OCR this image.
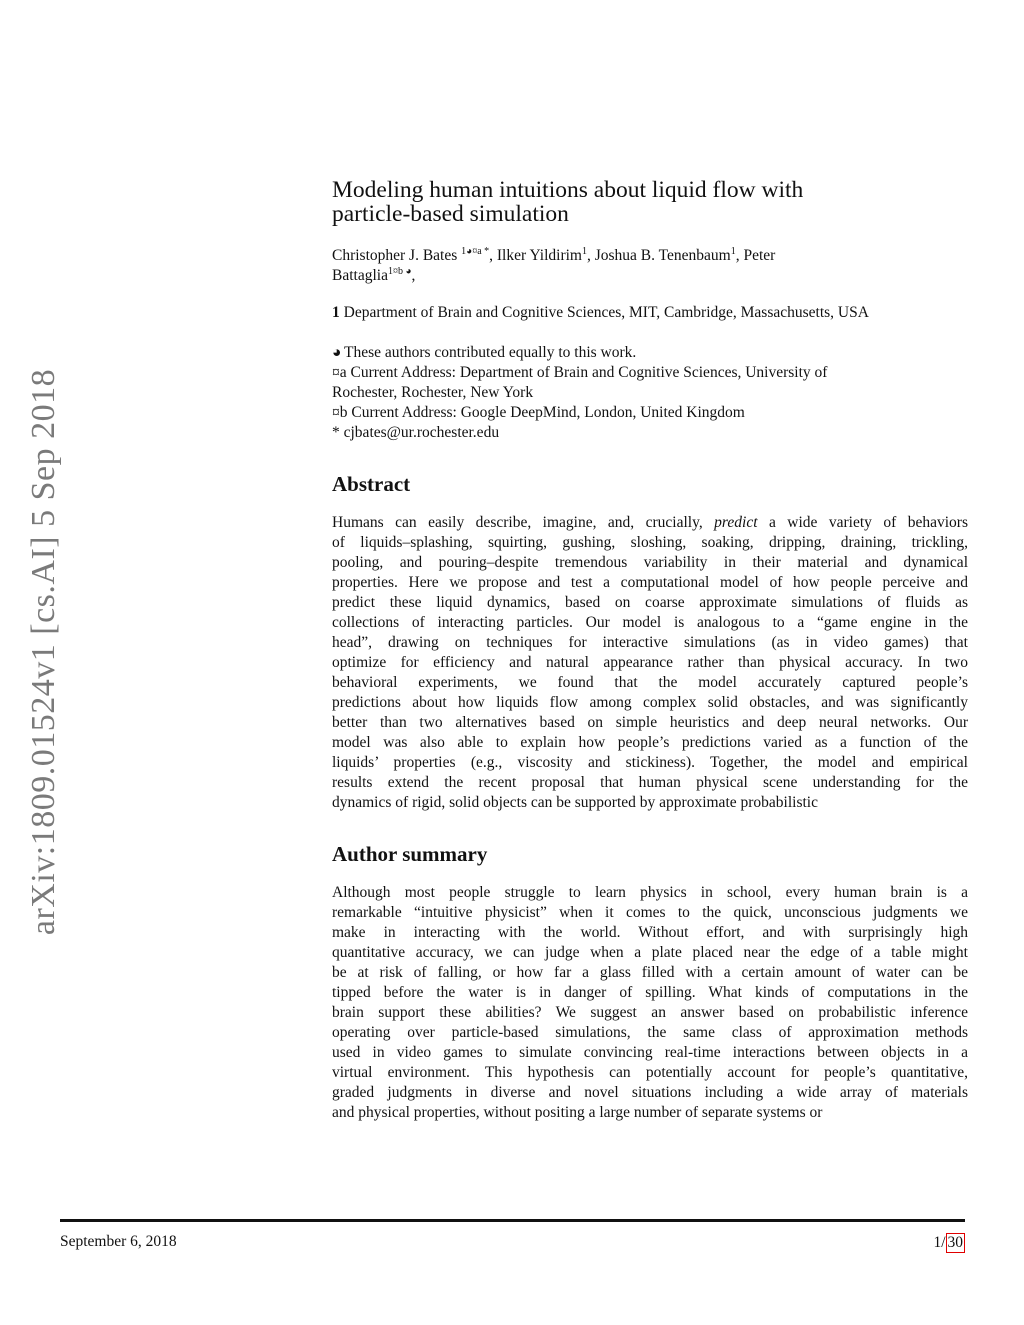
arXiv:1809.01524v1 [cs.AI] 5 Sep 2018
Modeling human intuitions about liquid flow with
particle-based simulation
Christopher J. Bates $^{1◕¤a *}$, Ilker Yildirim$^1$, Joshua B. Tenenbaum$^1$, Peter
Battaglia$^{1¤b ◕}$,
1 Department of Brain and Cognitive Sciences, MIT, Cambridge, Massachusetts, USA
◕ These authors contributed equally to this work.
¤a Current Address: Department of Brain and Cognitive Sciences, University of
Rochester, Rochester, New York
¤b Current Address: Google DeepMind, London, United Kingdom
* cjbates@ur.rochester.edu
Abstract
Humans can easily describe, imagine, and, crucially, predict a wide variety of behaviors
of liquids–splashing, squirting, gushing, sloshing, soaking, dripping, draining, trickling,
pooling, and pouring–despite tremendous variability in their material and dynamical
properties. Here we propose and test a computational model of how people perceive and
predict these liquid dynamics, based on coarse approximate simulations of fluids as
collections of interacting particles. Our model is analogous to a “game engine in the
head”, drawing on techniques for interactive simulations (as in video games) that
optimize for efficiency and natural appearance rather than physical accuracy. In two
behavioral experiments, we found that the model accurately captured people’s
predictions about how liquids flow among complex solid obstacles, and was significantly
better than two alternatives based on simple heuristics and deep neural networks. Our
model was also able to explain how people’s predictions varied as a function of the
liquids’ properties (e.g., viscosity and stickiness). Together, the model and empirical
results extend the recent proposal that human physical scene understanding for the
dynamics of rigid, solid objects can be supported by approximate probabilistic
Author summary
Although most people struggle to learn physics in school, every human brain is a
remarkable “intuitive physicist” when it comes to the quick, unconscious judgments we
make in interacting with the world. Without effort, and with surprisingly high
quantitative accuracy, we can judge when a plate placed near the edge of a table might
be at risk of falling, or how far a glass filled with a certain amount of water can be
tipped before the water is in danger of spilling. What kinds of computations in the
brain support these abilities? We suggest an answer based on probabilistic inference
operating over particle-based simulations, the same class of approximation methods
used in video games to simulate convincing real-time interactions between objects in a
virtual environment. This hypothesis can potentially account for people’s quantitative,
graded judgments in diverse and novel situations including a wide array of materials
and physical properties, without positing a large number of separate systems or
September 6, 2018	1/ 30
